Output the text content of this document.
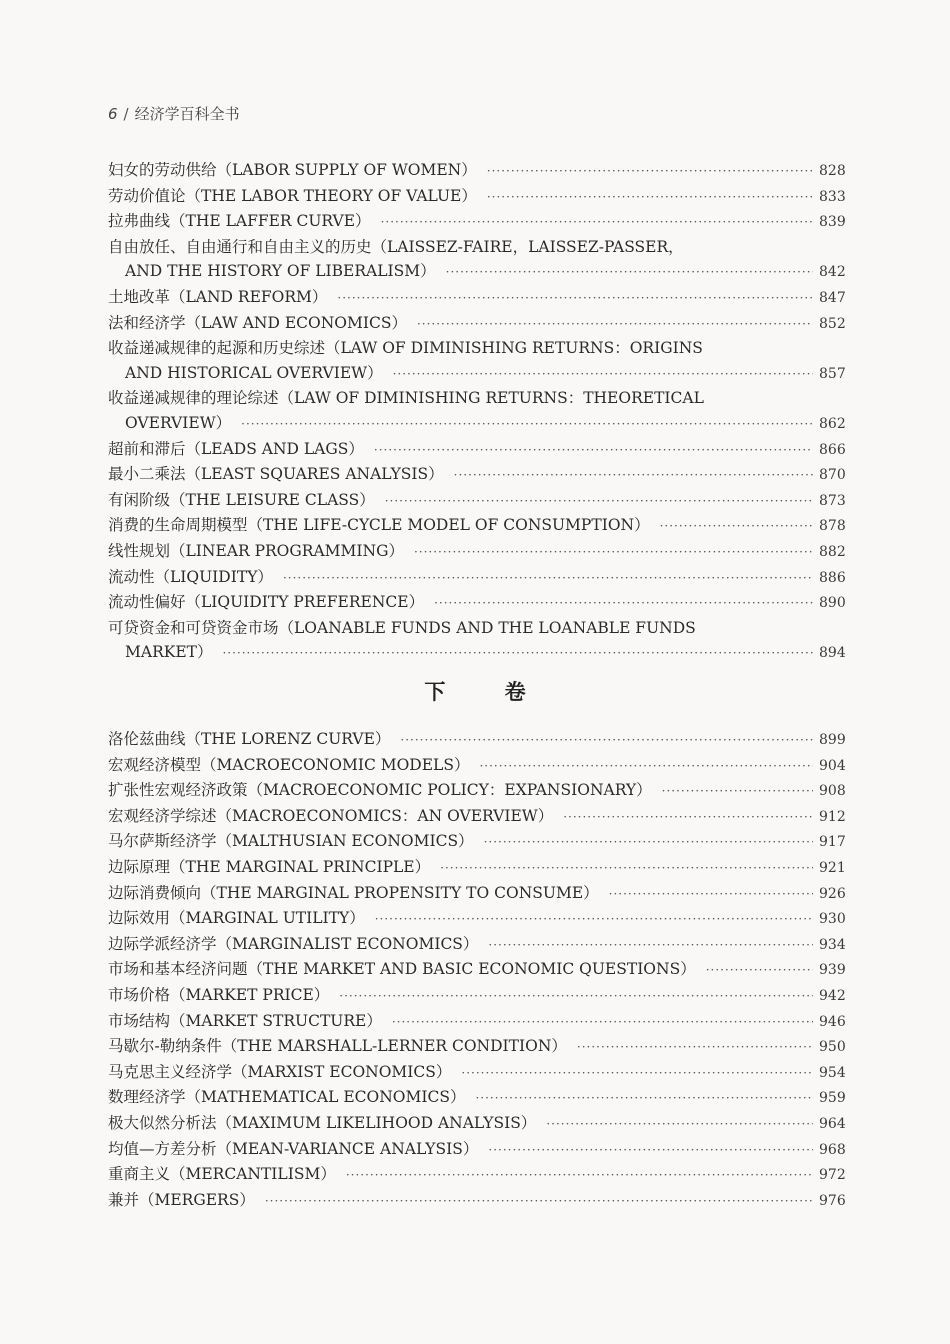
6 / 经济学百科全书
妇女的劳动供给（LABOR SUPPLY OF WOMEN） ·····	828
劳动价值论（THE LABOR THEORY OF VALUE） ·····	833
拉弗曲线（THE LAFFER CURVE） ·····	839
自由放任、自由通行和自由主义的历史（LAISSEZ-FAIRE，LAISSEZ-PASSER，
AND THE HISTORY OF LIBERALISM） ·····	842
土地改革（LAND REFORM） ·····	847
法和经济学（LAW AND ECONOMICS） ·····	852
收益递减规律的起源和历史综述（LAW OF DIMINISHING RETURNS：ORIGINS
AND HISTORICAL OVERVIEW） ·····	857
收益递减规律的理论综述（LAW OF DIMINISHING RETURNS：THEORETICAL
OVERVIEW） ·····	862
超前和滞后（LEADS AND LAGS） ·····	866
最小二乘法（LEAST SQUARES ANALYSIS） ·····	870
有闲阶级（THE LEISURE CLASS） ·····	873
消费的生命周期模型（THE LIFE-CYCLE MODEL OF CONSUMPTION） ·····	878
线性规划（LINEAR PROGRAMMING） ·····	882
流动性（LIQUIDITY） ·····	886
流动性偏好（LIQUIDITY PREFERENCE） ·····	890
可贷资金和可贷资金市场（LOANABLE FUNDS AND THE LOANABLE FUNDS
MARKET） ·····	894
下 卷
洛伦兹曲线（THE LORENZ CURVE） ·····	899
宏观经济模型（MACROECONOMIC MODELS） ·····	904
扩张性宏观经济政策（MACROECONOMIC POLICY：EXPANSIONARY） ·····	908
宏观经济学综述（MACROECONOMICS：AN OVERVIEW） ·····	912
马尔萨斯经济学（MALTHUSIAN ECONOMICS） ·····	917
边际原理（THE MARGINAL PRINCIPLE） ·····	921
边际消费倾向（THE MARGINAL PROPENSITY TO CONSUME） ·····	926
边际效用（MARGINAL UTILITY） ·····	930
边际学派经济学（MARGINALIST ECONOMICS） ·····	934
市场和基本经济问题（THE MARKET AND BASIC ECONOMIC QUESTIONS） ·····	939
市场价格（MARKET PRICE） ·····	942
市场结构（MARKET STRUCTURE） ·····	946
马歇尔-勒纳条件（THE MARSHALL-LERNER CONDITION） ·····	950
马克思主义经济学（MARXIST ECONOMICS） ·····	954
数理经济学（MATHEMATICAL ECONOMICS） ·····	959
极大似然分析法（MAXIMUM LIKELIHOOD ANALYSIS） ·····	964
均值—方差分析（MEAN-VARIANCE ANALYSIS） ·····	968
重商主义（MERCANTILISM） ·····	972
兼并（MERGERS） ·····	976
